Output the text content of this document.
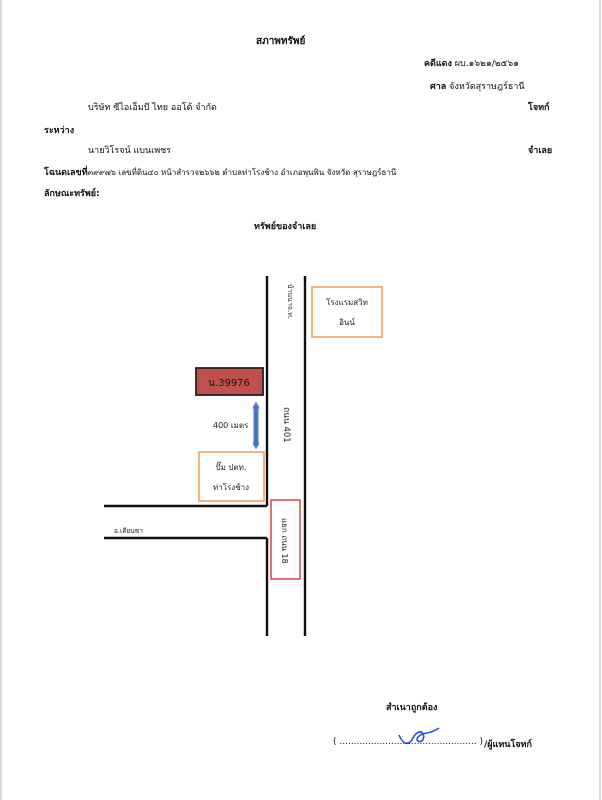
สภาพทรัพย์
คดีแดง ผบ.๑๖๒๑/๒๕๖๑
ศาล จังหวัดสุราษฎร์ธานี
บริษัท ซีไอเอ็มบี ไทย ออโต้ จำกัด	โจทก์
ระหว่าง
นายวิโรจน์ แบนเพชร	จำเลย
โฉนดเลขที่๓๙๙๗๖ เลขที่ดิน๔๐ หน้าสำรวจ๒๖๖๒ ตำบลท่าโรงช้าง อำเภอพุนพิน จังหวัด สุราษฎร์ธานี
ลักษณะทรัพย์:
ทรัพย์ของจำเลย
บ้านนาจ.ท.
ถนน 401
โรงแรมสวิท
อินน์
น.39976
400 เมตร
ปั๊ม ปตท.
ท่าโรงช้าง
อ.เคียนซา	แยก ถนน 18
สำเนาถูกต้อง
( ................................................ ) /ผู้แทนโจทก์
